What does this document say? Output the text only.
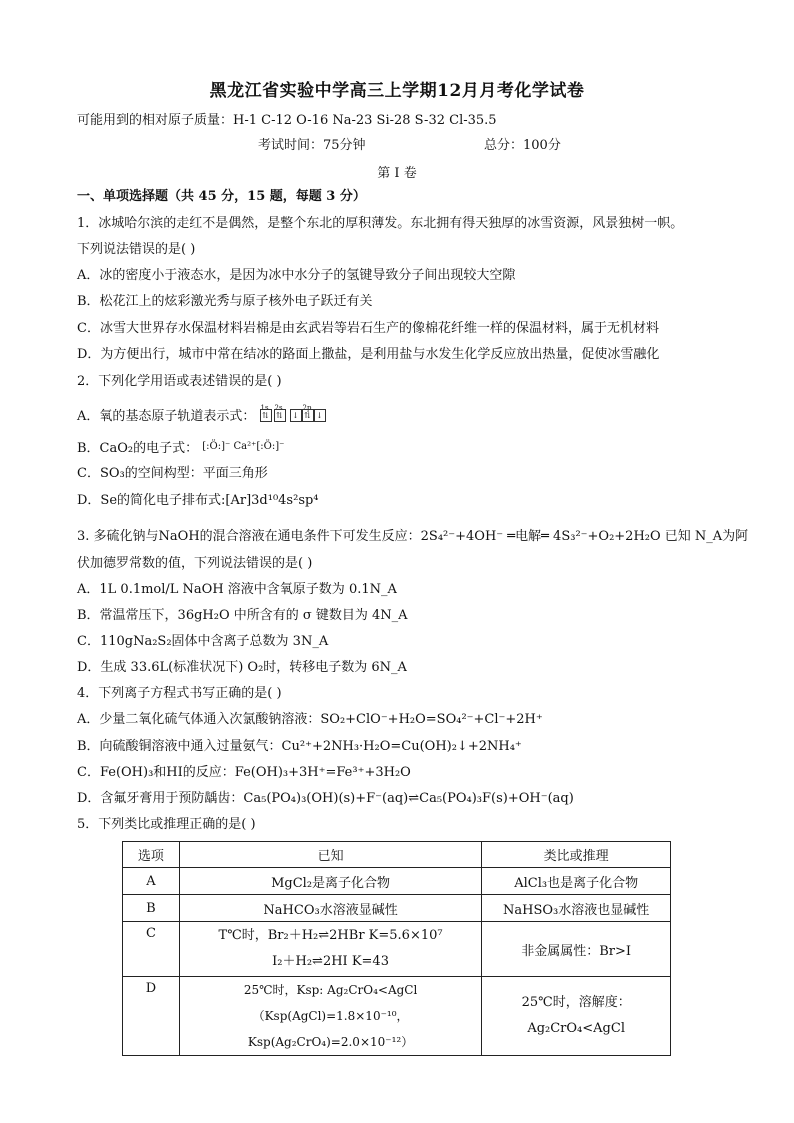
黑龙江省实验中学高三上学期12月月考化学试卷
可能用到的相对原子质量：H-1 C-12 O-16 Na-23 Si-28 S-32 Cl-35.5
考试时间：75分钟	总分：100分
第 I 卷
一、单项选择题（共 45 分，15 题，每题 3 分）
1．冰城哈尔滨的走红不是偶然，是整个东北的厚积薄发。东北拥有得天独厚的冰雪资源，风景独树一帜。
下列说法错误的是( )
A．冰的密度小于液态水，是因为冰中水分子的氢键导致分子间出现较大空隙
B．松花江上的炫彩激光秀与原子核外电子跃迁有关
C．冰雪大世界存水保温材料岩棉是由玄武岩等岩石生产的像棉花纤维一样的保温材料，属于无机材料
D．为方便出行，城市中常在结冰的路面上撒盐，是利用盐与水发生化学反应放出热量，促使冰雪融化
2．下列化学用语或表述错误的是( )
A．氧的基态原子轨道表示式：
1s 2s	2p
⇅ ⇅	↓ ⇅ ↓
B．CaO₂的电子式： $^{[:Ö:]^- Ca^{2+}[:Ö:]^-}$
C．SO₃的空间构型：平面三角形
D．Se的简化电子排布式:[Ar]3d¹⁰4s²sp⁴
3. 多硫化钠与NaOH的混合溶液在通电条件下可发生反应：2S₄²⁻+4OH⁻ ═电解═ 4S₃²⁻+O₂+2H₂O 已知 N_A为阿
伏加德罗常数的值，下列说法错误的是( )
A．1L 0.1mol/L NaOH 溶液中含氧原子数为 0.1N_A
B．常温常压下，36gH₂O 中所含有的 σ 键数目为 4N_A
C．110gNa₂S₂固体中含离子总数为 3N_A
D．生成 33.6L(标准状况下) O₂时，转移电子数为 6N_A
4．下列离子方程式书写正确的是( )
A．少量二氧化硫气体通入次氯酸钠溶液：SO₂+ClO⁻+H₂O=SO₄²⁻+Cl⁻+2H⁺
B．向硫酸铜溶液中通入过量氨气：Cu²⁺+2NH₃·H₂O=Cu(OH)₂↓+2NH₄⁺
C．Fe(OH)₃和HI的反应：Fe(OH)₃+3H⁺=Fe³⁺+3H₂O
D．含氟牙膏用于预防龋齿：Ca₅(PO₄)₃(OH)(s)+F⁻(aq)⇌Ca₅(PO₄)₃F(s)+OH⁻(aq)
5．下列类比或推理正确的是( )
选项	已知	类比或推理
A	MgCl₂是离子化合物	AlCl₃也是离子化合物
B	NaHCO₃水溶液显碱性	NaHSO₃水溶液也显碱性
C	T℃时，Br₂＋H₂⇌2HBr K=5.6×10⁷
I₂＋H₂⇌2HI K=43	非金属属性：Br>I
D	25℃时，Ksp: Ag₂CrO₄<AgCl
（Ksp(AgCl)=1.8×10⁻¹⁰，Ksp(Ag₂CrO₄)=2.0×10⁻¹²）	25℃时，溶解度：
Ag₂CrO₄<AgCl
